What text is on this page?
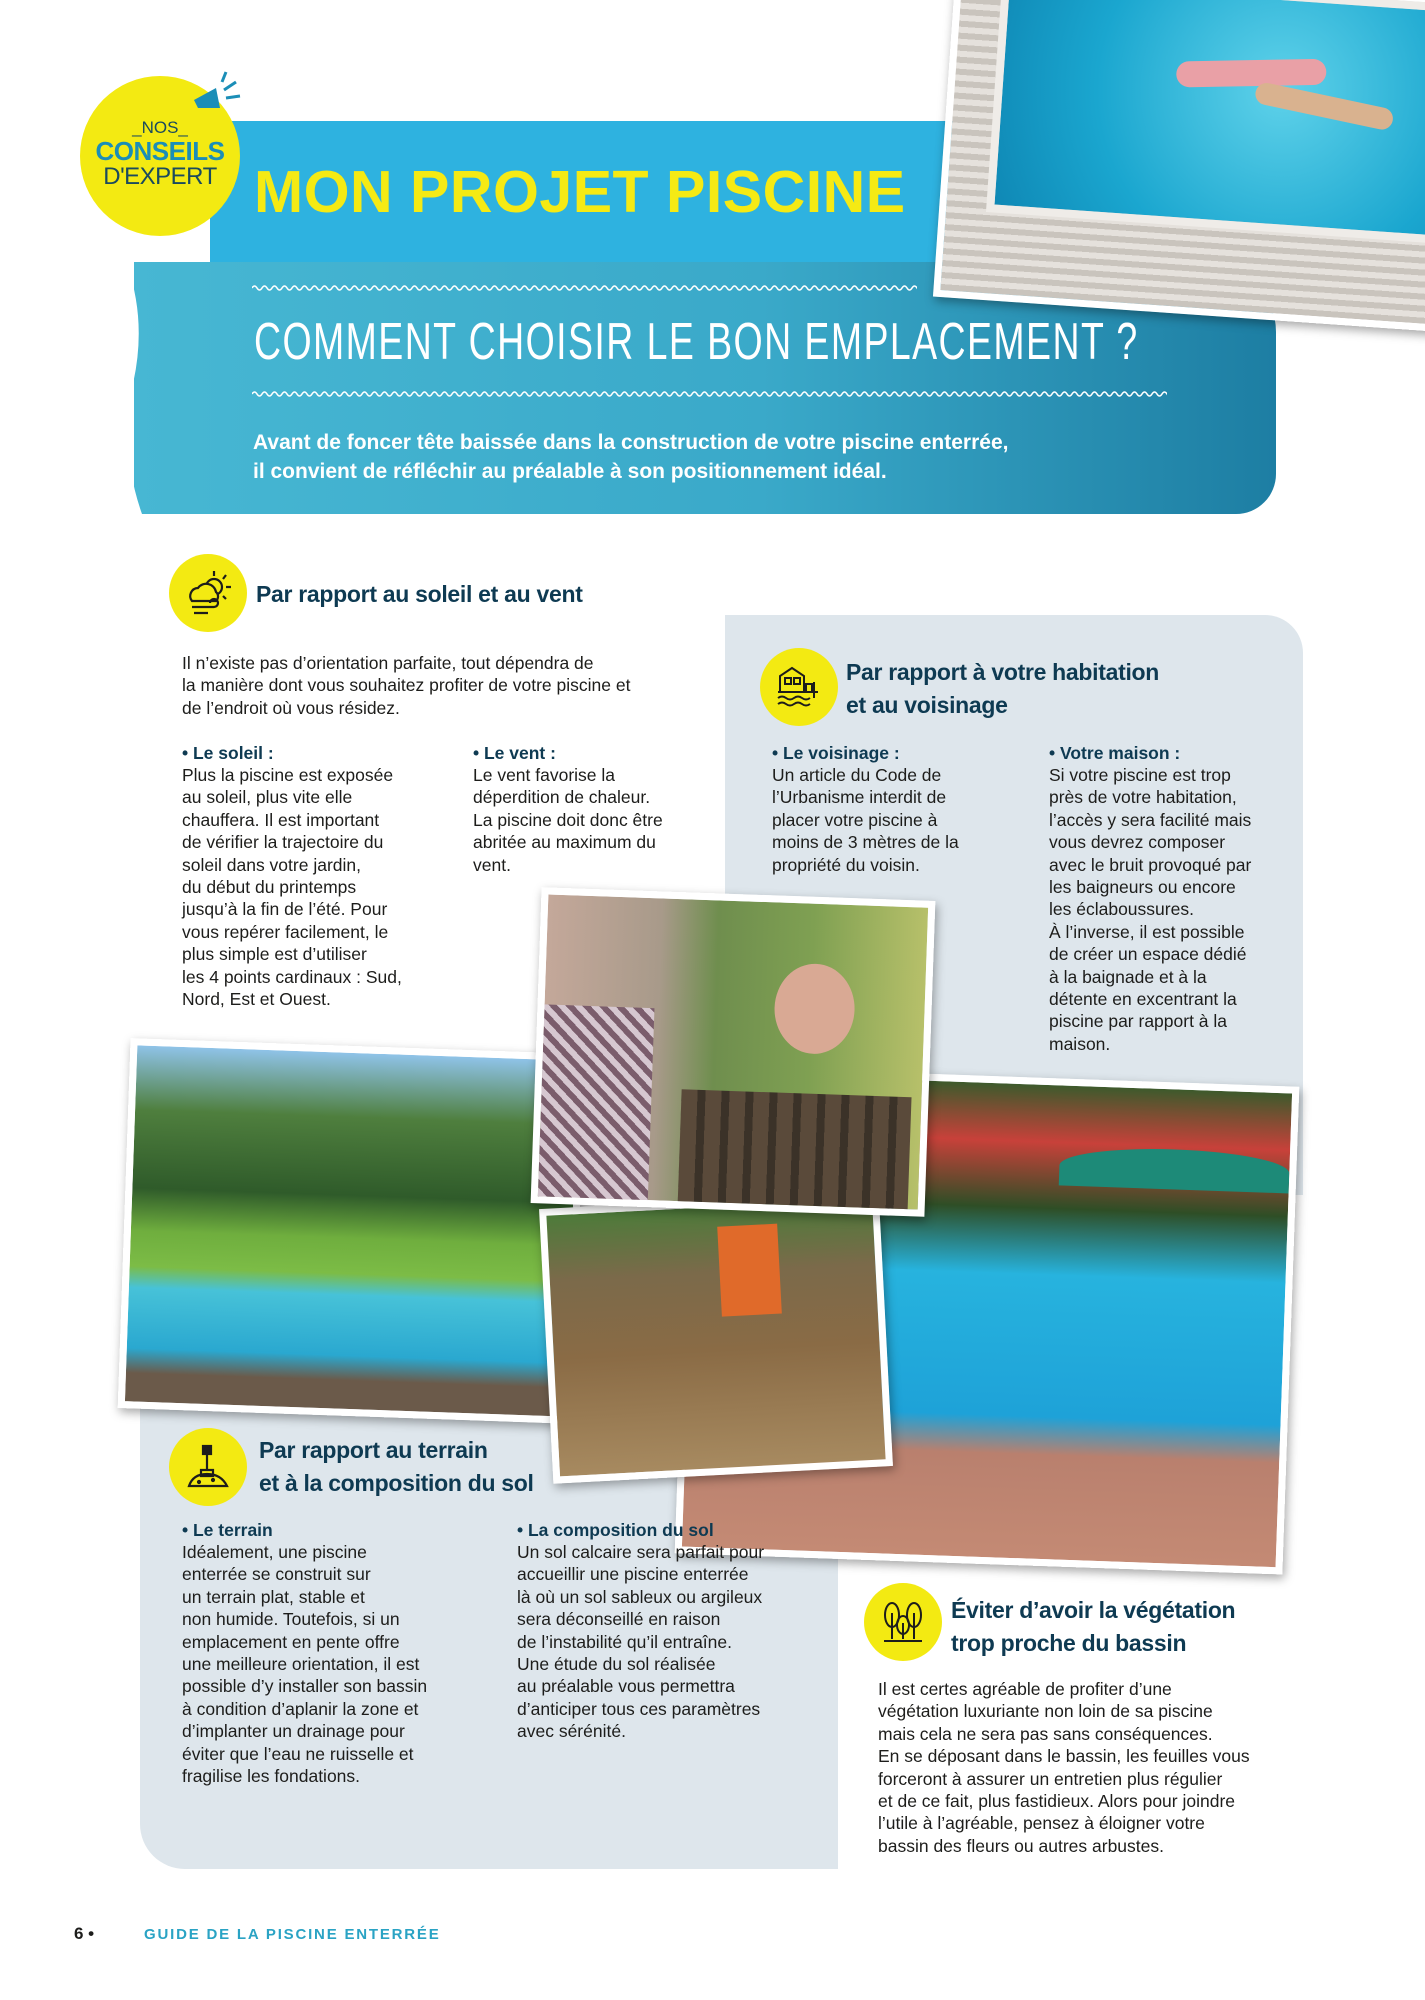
_NOS_
CONSEILS
D'EXPERT MON PROJET PISCINE
COMMENT CHOISIR LE BON EMPLACEMENT ?
Avant de foncer tête baissée dans la construction de votre piscine enterrée,
il convient de réfléchir au préalable à son positionnement idéal.
Par rapport au soleil et au vent
Il n’existe pas d’orientation parfaite, tout dépendra de
la manière dont vous souhaitez profiter de votre piscine et
de l’endroit où vous résidez.
• Le soleil :
Plus la piscine est exposée
au soleil, plus vite elle
chauffera. Il est important
de vérifier la trajectoire du
soleil dans votre jardin,
du début du printemps
jusqu’à la fin de l’été. Pour
vous repérer facilement, le
plus simple est d’utiliser
les 4 points cardinaux : Sud,
Nord, Est et Ouest.
• Le vent :
Le vent favorise la
déperdition de chaleur.
La piscine doit donc être
abritée au maximum du
vent.
Par rapport à votre habitation
et au voisinage
• Le voisinage :
Un article du Code de
l’Urbanisme interdit de
placer votre piscine à
moins de 3 mètres de la
propriété du voisin.
• Votre maison :
Si votre piscine est trop
près de votre habitation,
l’accès y sera facilité mais
vous devrez composer
avec le bruit provoqué par
les baigneurs ou encore
les éclaboussures.
À l’inverse, il est possible
de créer un espace dédié
à la baignade et à la
détente en excentrant la
piscine par rapport à la
maison.
Par rapport au terrain
et à la composition du sol
• Le terrain
Idéalement, une piscine
enterrée se construit sur
un terrain plat, stable et
non humide. Toutefois, si un
emplacement en pente offre
une meilleure orientation, il est
possible d’y installer son bassin
à condition d’aplanir la zone et
d’implanter un drainage pour
éviter que l’eau ne ruisselle et
fragilise les fondations.
• La composition du sol
Un sol calcaire sera parfait pour
accueillir une piscine enterrée
là où un sol sableux ou argileux
sera déconseillé en raison
de l’instabilité qu’il entraîne.
Une étude du sol réalisée
au préalable vous permettra
d’anticiper tous ces paramètres
avec sérénité.
Éviter d’avoir la végétation
trop proche du bassin
Il est certes agréable de profiter d’une
végétation luxuriante non loin de sa piscine
mais cela ne sera pas sans conséquences.
En se déposant dans le bassin, les feuilles vous
forceront à assurer un entretien plus régulier
et de ce fait, plus fastidieux. Alors pour joindre
l’utile à l’agréable, pensez à éloigner votre
bassin des fleurs ou autres arbustes.
6 •	GUIDE DE LA PISCINE ENTERRÉE
